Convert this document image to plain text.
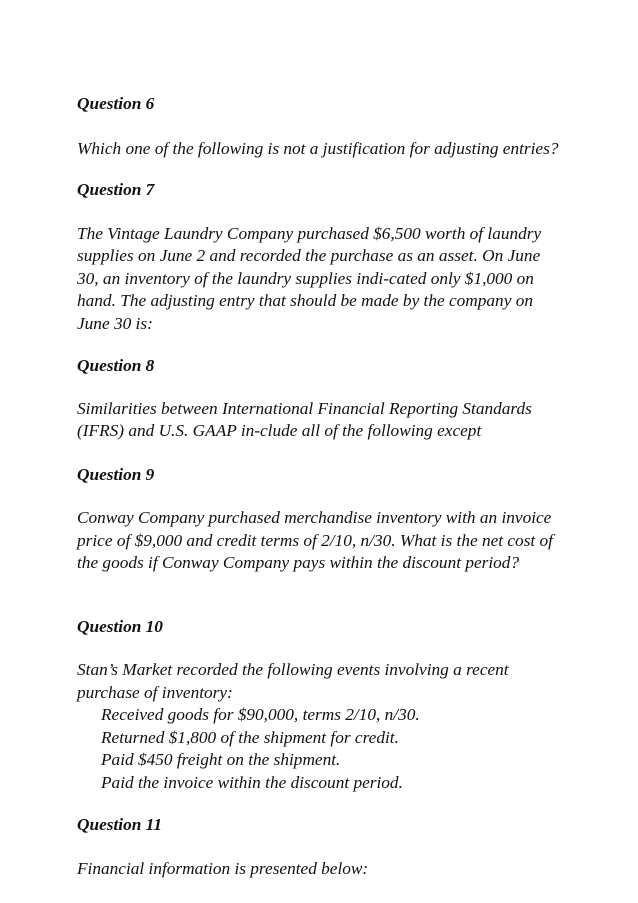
Question 6

Which one of the following is not a justification for adjusting entries?

Question 7

The Vintage Laundry Company purchased $6,500 worth of laundry
supplies on June 2 and recorded the purchase as an asset. On June
30, an inventory of the laundry supplies indi-cated only $1,000 on
hand. The adjusting entry that should be made by the company on
June 30 is:

Question 8

Similarities between International Financial Reporting Standards
(IFRS) and U.S. GAAP in-clude all of the following except

Question 9

Conway Company purchased merchandise inventory with an invoice
price of $9,000 and credit terms of 2/10, n/30. What is the net cost of
the goods if Conway Company pays within the discount period?

Question 10

Stan’s Market recorded the following events involving a recent
purchase of inventory:

Received goods for $90,000, terms 2/10, n/30.
Returned $1,800 of the shipment for credit.
Paid $450 freight on the shipment.
Paid the invoice within the discount period.

Question 11

Financial information is presented below:
